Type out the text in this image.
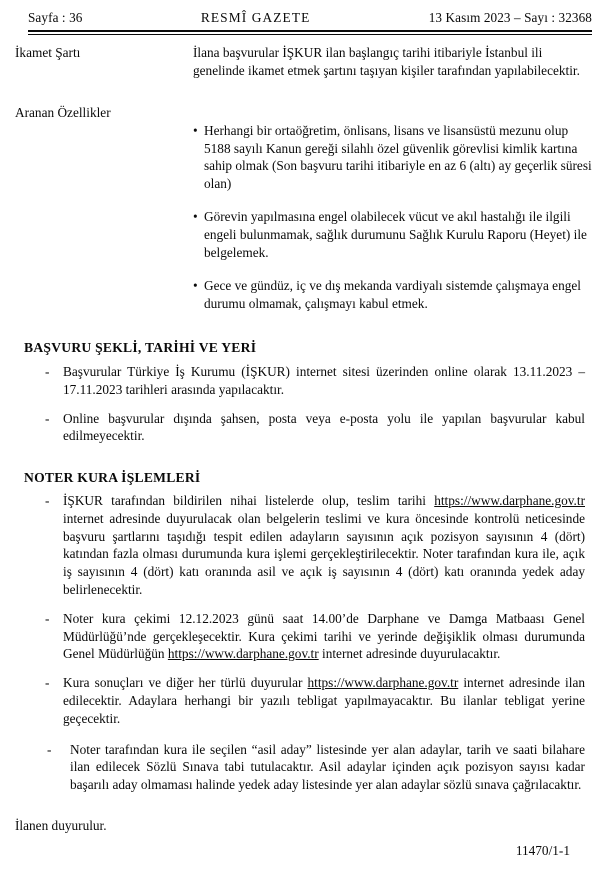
Sayfa : 36	RESMÎ GAZETE	13 Kasım 2023 – Sayı : 32368
İkamet Şartı	İlana başvurular İŞKUR ilan başlangıç tarihi itibariyle İstanbul ili genelinde ikamet etmek şartını taşıyan kişiler tarafından yapılabilecektir.

Aranan Özellikler
• Herhangi bir ortaöğretim, önlisans, lisans ve lisansüstü mezunu olup 5188 sayılı Kanun gereği silahlı özel güvenlik görevlisi kimlik kartına sahip olmak (Son başvuru tarihi itibariyle en az 6 (altı) ay geçerlik süresi olan)
• Görevin yapılmasına engel olabilecek vücut ve akıl hastalığı ile ilgili engeli bulunmamak, sağlık durumunu Sağlık Kurulu Raporu (Heyet) ile belgelemek.
• Gece ve gündüz, iç ve dış mekanda vardiyalı sistemde çalışmaya engel durumu olmamak, çalışmayı kabul etmek.
BAŞVURU ŞEKLİ, TARİHİ VE YERİ
- Başvurular Türkiye İş Kurumu (İŞKUR) internet sitesi üzerinden online olarak 13.11.2023 – 17.11.2023 tarihleri arasında yapılacaktır.
- Online başvurular dışında şahsen, posta veya e-posta yolu ile yapılan başvurular kabul edilmeyecektir.
NOTER KURA İŞLEMLERİ
- İŞKUR tarafından bildirilen nihai listelerde olup, teslim tarihi https://www.darphane.gov.tr internet adresinde duyurulacak olan belgelerin teslimi ve kura öncesinde kontrolü neticesinde başvuru şartlarını taşıdığı tespit edilen adayların sayısının açık pozisyon sayısının 4 (dört) katından fazla olması durumunda kura işlemi gerçekleştirilecektir. Noter tarafından kura ile, açık iş sayısının 4 (dört) katı oranında asil ve açık iş sayısının 4 (dört) katı oranında yedek aday belirlenecektir.
- Noter kura çekimi 12.12.2023 günü saat 14.00’de Darphane ve Damga Matbaası Genel Müdürlüğü’nde gerçekleşecektir. Kura çekimi tarihi ve yerinde değişiklik olması durumunda Genel Müdürlüğün https://www.darphane.gov.tr internet adresinde duyurulacaktır.
- Kura sonuçları ve diğer her türlü duyurular https://www.darphane.gov.tr internet adresinde ilan edilecektir. Adaylara herhangi bir yazılı tebligat yapılmayacaktır. Bu ilanlar tebligat yerine geçecektir.
- Noter tarafından kura ile seçilen “asil aday” listesinde yer alan adaylar, tarih ve saati bilahare ilan edilecek Sözlü Sınava tabi tutulacaktır. Asil adaylar içinden açık pozisyon sayısı kadar başarılı aday olmaması halinde yedek aday listesinde yer alan adaylar sözlü sınava çağrılacaktır.
İlanen duyurulur.
11470/1-1
